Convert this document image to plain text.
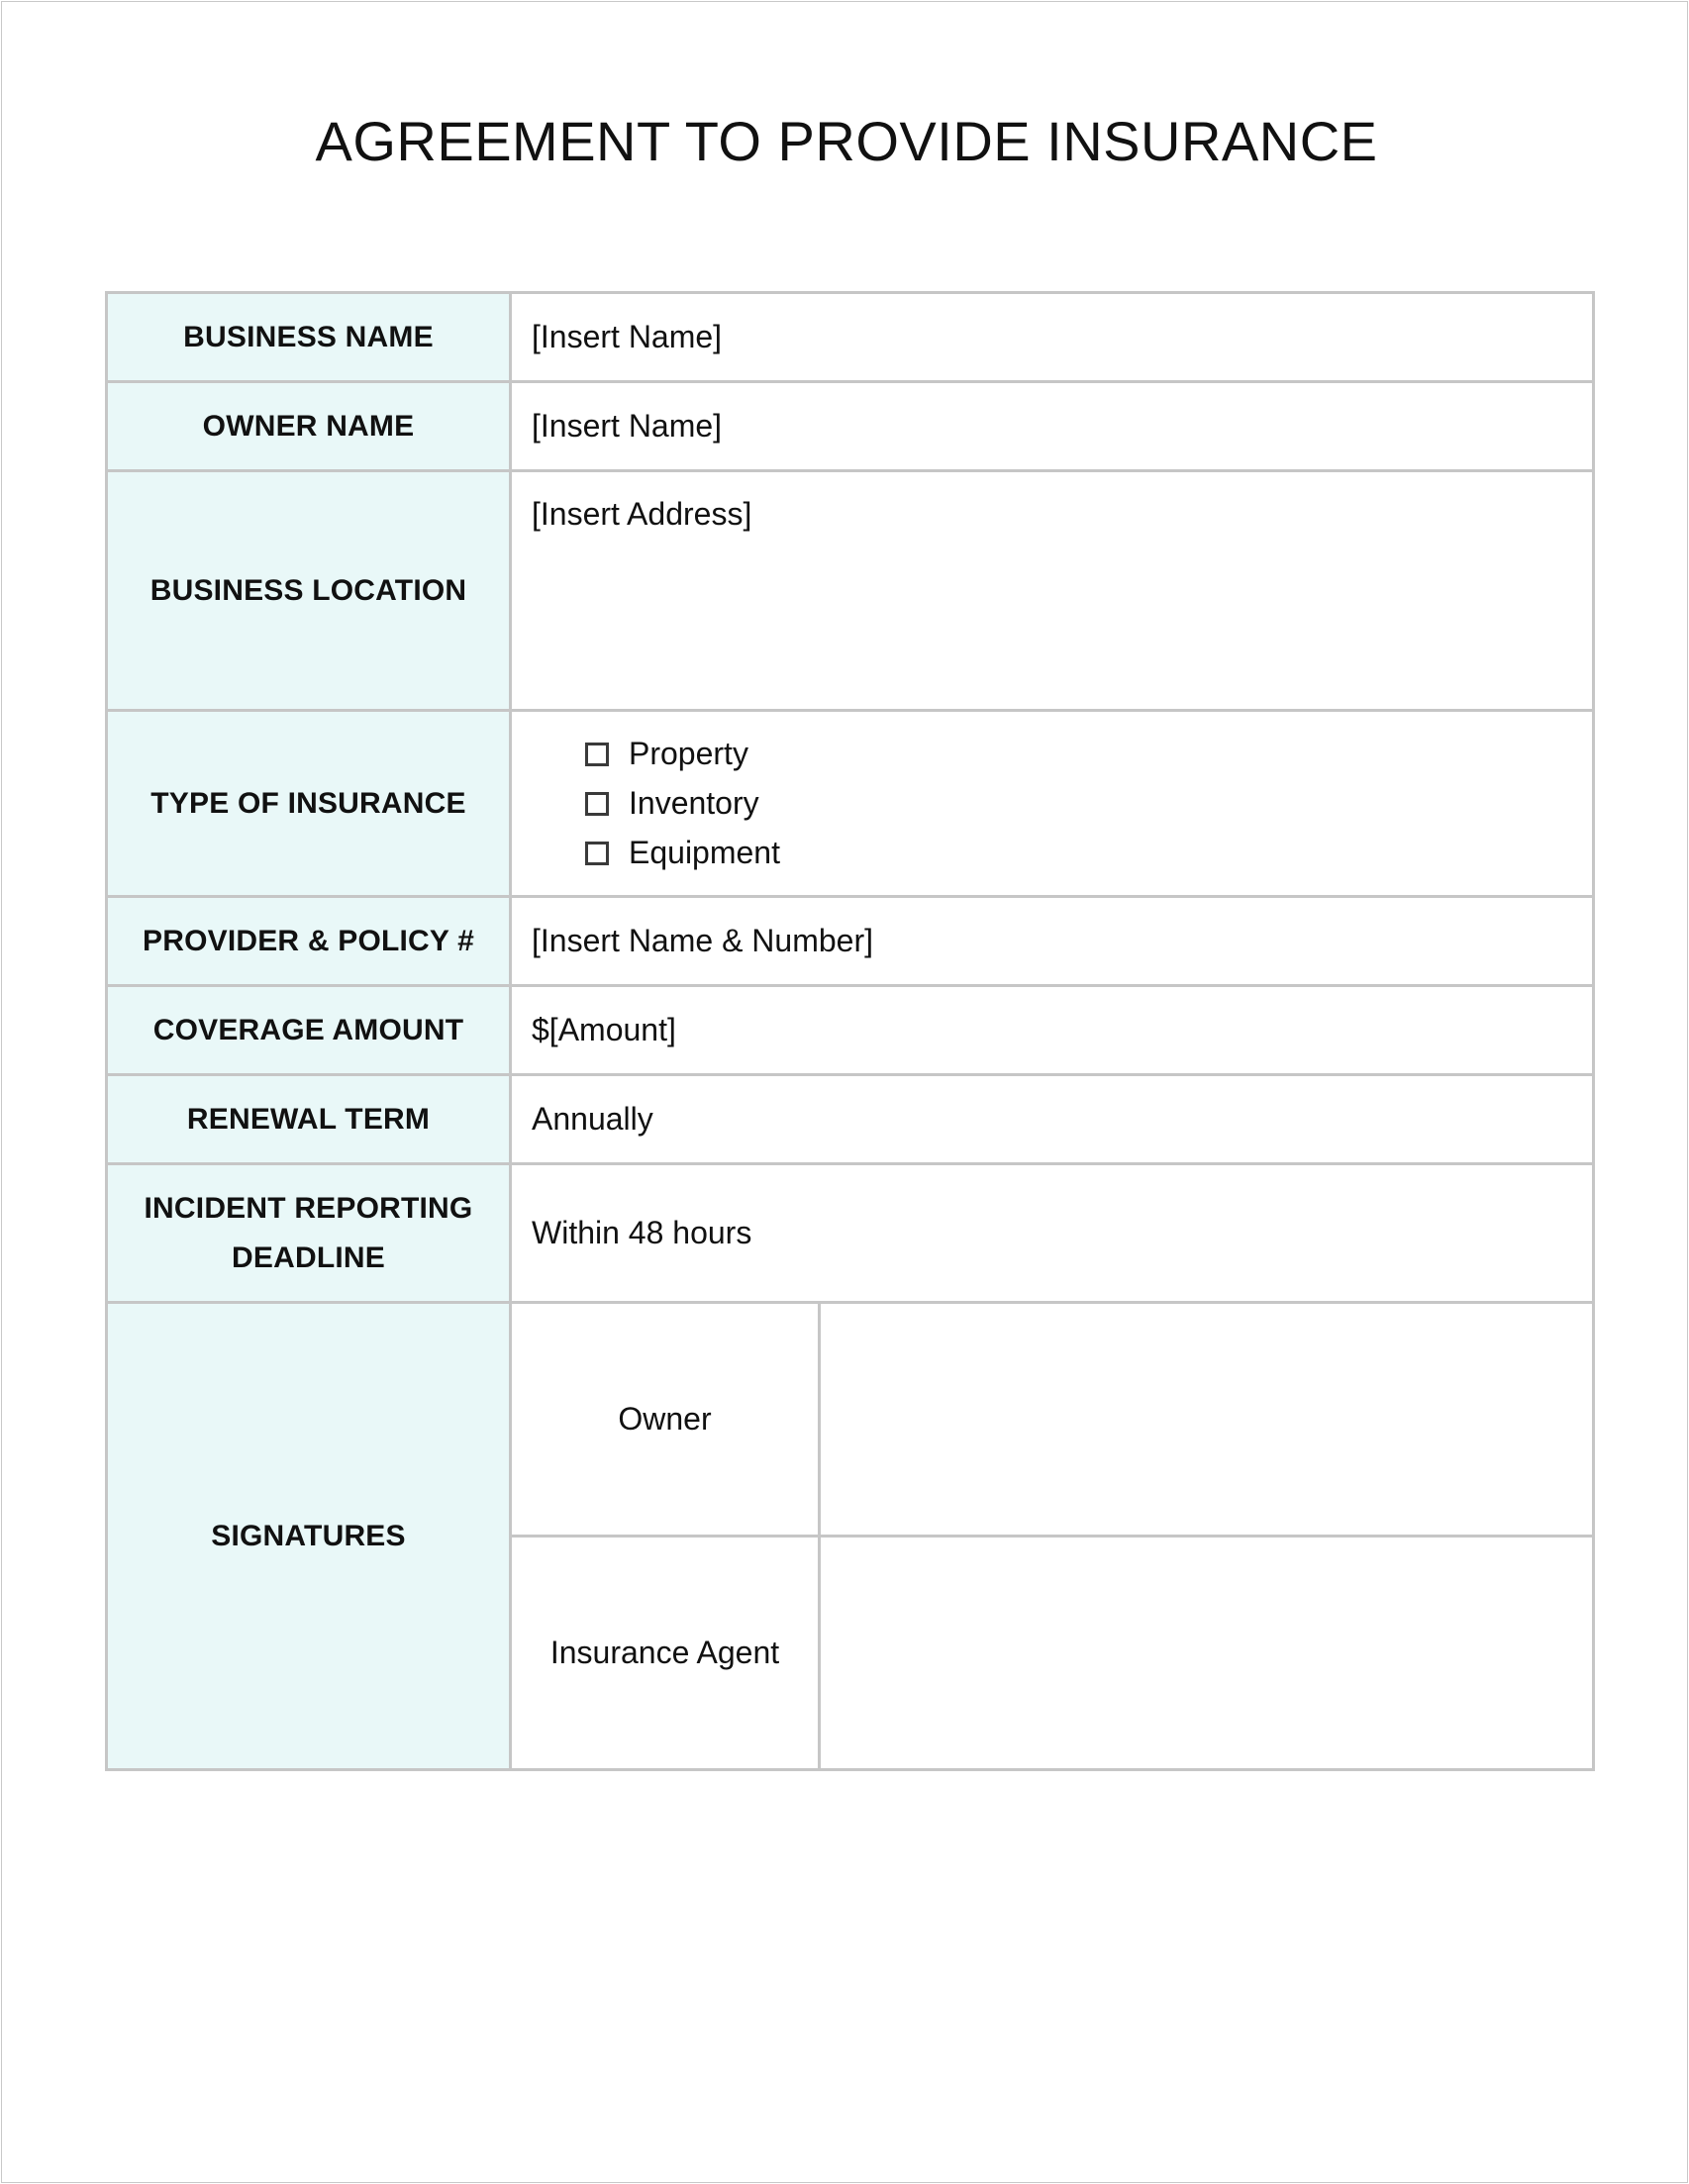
AGREEMENT TO PROVIDE INSURANCE
BUSINESS NAME	[Insert Name]	
OWNER NAME	[Insert Name]	
BUSINESS LOCATION	[Insert Address]	
TYPE OF INSURANCE	Property
Inventory
Equipment	

PROVIDER & POLICY #	[Insert Name & Number]	
COVERAGE AMOUNT	$[Amount]	
RENEWAL TERM	Annually	

INCIDENT REPORTING
DEADLINE	Within 48 hours	
SIGNATURES	Owner	
	Insurance Agent	
